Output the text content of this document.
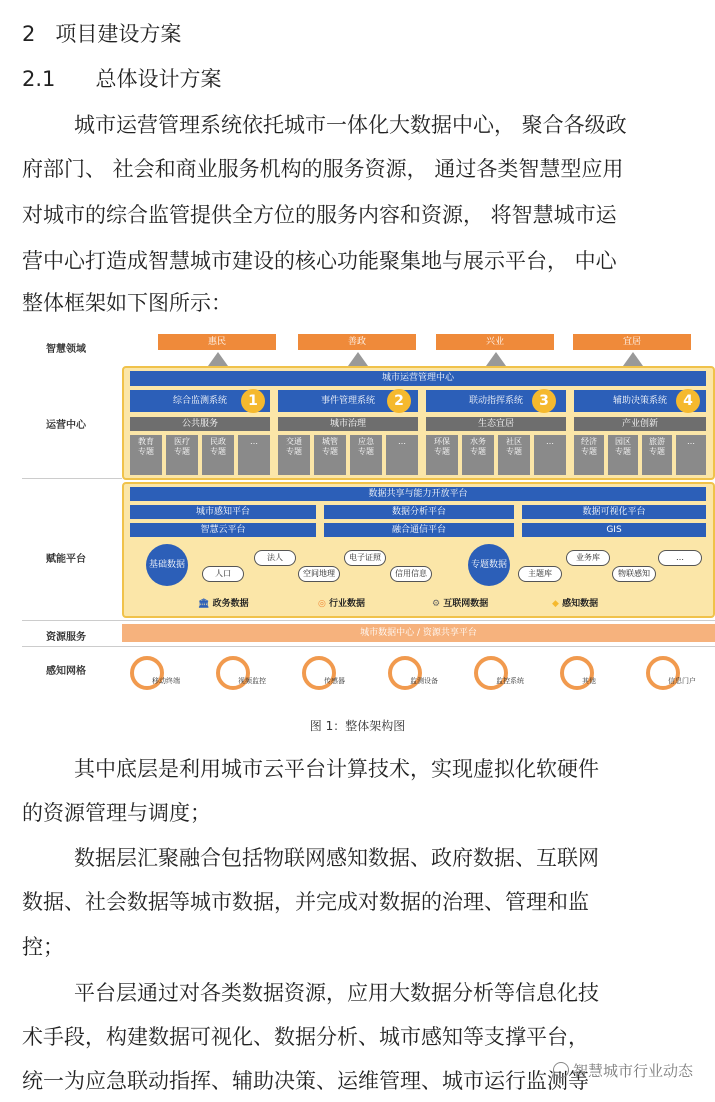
2 项目建设方案
2.1 总体设计方案
城市运营管理系统依托城市一体化大数据中心， 聚合各级政
府部门、 社会和商业服务机构的服务资源， 通过各类智慧型应用
对城市的综合监管提供全方位的服务内容和资源， 将智慧城市运
营中心打造成智慧城市建设的核心功能聚集地与展示平台， 中心
整体框架如下图所示：
智慧领域
运营中心
赋能平台
资源服务
感知网格
惠民	善政	兴业	宜居
城市运营管理中心
综合监测系统	1	事件管理系统	2	联动指挥系统	3	辅助决策系统	4
公共服务	城市治理	生态宜居	产业创新
教育专题
医疗专题
民政专题
…	交通专题
城管专题
应急专题
…	环保专题
水务专题
社区专题
…	经济专题
园区专题
旅游专题
…
数据共享与能力开放平台
城市感知平台	数据分析平台	数据可视化平台
智慧云平台	融合通信平台	GIS
基础数据
人口
法人
空间地理
电子证照
信用信息
专题数据
主题库
业务库
物联感知
…
🏛 政务数据	◎ 行业数据	⚙ 互联网数据	◆ 感知数据
城市数据中心 / 资源共享平台
移动终端	视频监控	传感器	监测设备	监控系统	其他	信息门户
图 1：整体架构图
其中底层是利用城市云平台计算技术，实现虚拟化软硬件
的资源管理与调度；
数据层汇聚融合包括物联网感知数据、政府数据、互联网
数据、社会数据等城市数据，并完成对数据的治理、管理和监
控；
平台层通过对各类数据资源，应用大数据分析等信息化技
术手段，构建数据可视化、数据分析、城市感知等支撑平台，
统一为应急联动指挥、辅助决策、运维管理、城市运行监测等
智慧城市行业动态
